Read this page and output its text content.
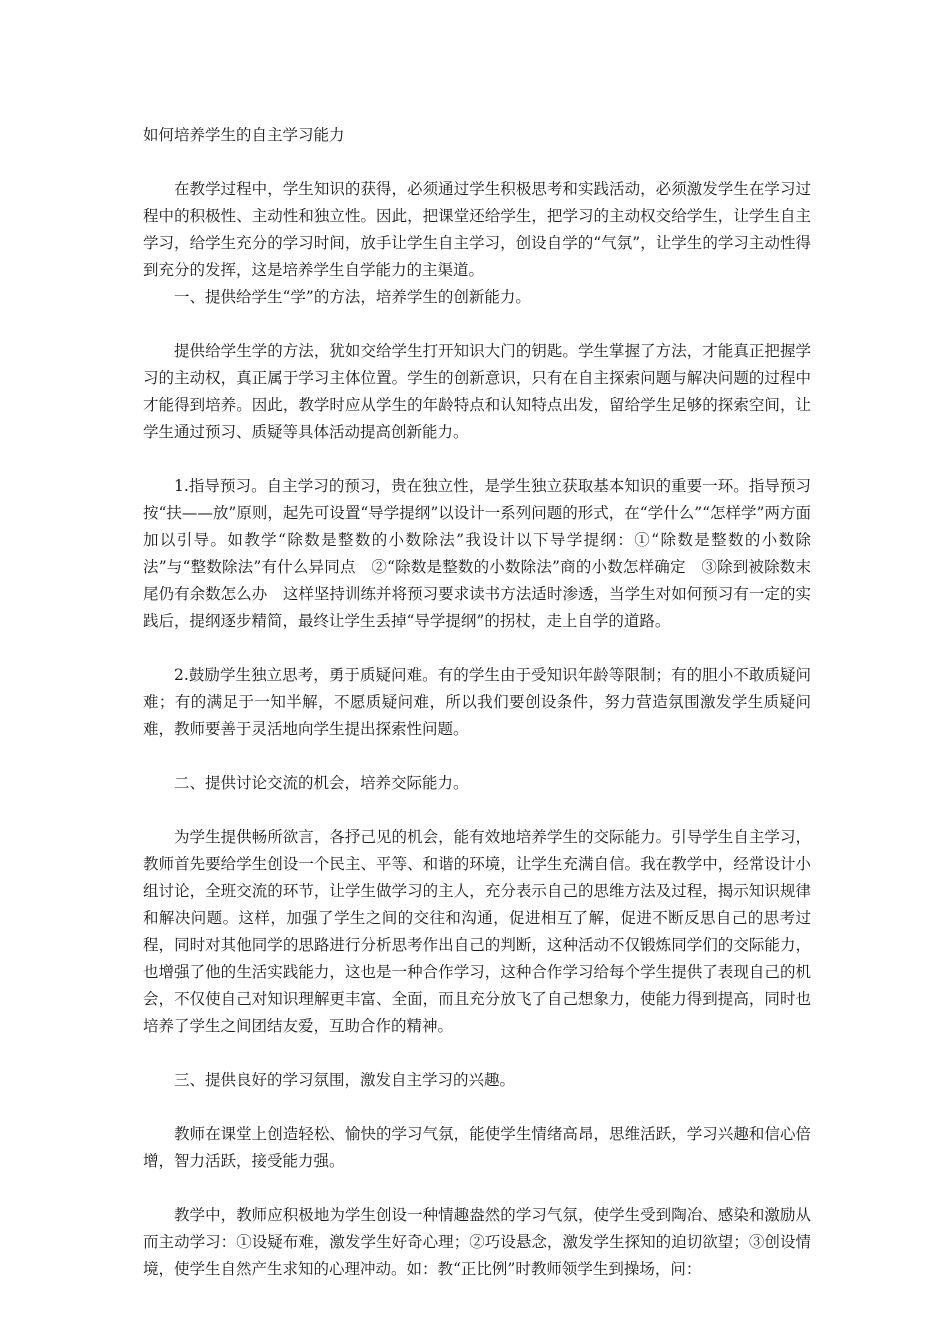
如何培养学生的自主学习能力

在教学过程中，学生知识的获得，必须通过学生积极思考和实践活动，必须激发学生在学习过程中的积极性、主动性和独立性。因此，把课堂还给学生，把学习的主动权交给学生，让学生自主学习，给学生充分的学习时间，放手让学生自主学习，创设自学的“气氛”，让学生的学习主动性得到充分的发挥，这是培养学生自学能力的主渠道。

一、提供给学生“学”的方法，培养学生的创新能力。

提供给学生学的方法，犹如交给学生打开知识大门的钥匙。学生掌握了方法，才能真正把握学习的主动权，真正属于学习主体位置。学生的创新意识，只有在自主探索问题与解决问题的过程中才能得到培养。因此，教学时应从学生的年龄特点和认知特点出发，留给学生足够的探索空间，让学生通过预习、质疑等具体活动提高创新能力。

1.指导预习。自主学习的预习，贵在独立性，是学生独立获取基本知识的重要一环。指导预习按“扶——放”原则，起先可设置“导学提纲”以设计一系列问题的形式，在“学什么”“怎样学”两方面加以引导。如教学“除数是整数的小数除法”我设计以下导学提纲：①“除数是整数的小数除法”与“整数除法”有什么异同点　②“除数是整数的小数除法”商的小数怎样确定　③除到被除数末尾仍有余数怎么办　这样坚持训练并将预习要求读书方法适时渗透，当学生对如何预习有一定的实践后，提纲逐步精简，最终让学生丢掉“导学提纲”的拐杖，走上自学的道路。

2.鼓励学生独立思考，勇于质疑问难。有的学生由于受知识年龄等限制；有的胆小不敢质疑问难；有的满足于一知半解，不愿质疑问难，所以我们要创设条件，努力营造氛围激发学生质疑问难，教师要善于灵活地向学生提出探索性问题。

二、提供讨论交流的机会，培养交际能力。

为学生提供畅所欲言，各抒己见的机会，能有效地培养学生的交际能力。引导学生自主学习，教师首先要给学生创设一个民主、平等、和谐的环境，让学生充满自信。我在教学中，经常设计小组讨论，全班交流的环节，让学生做学习的主人，充分表示自己的思维方法及过程，揭示知识规律和解决问题。这样，加强了学生之间的交往和沟通，促进相互了解，促进不断反思自己的思考过程，同时对其他同学的思路进行分析思考作出自己的判断，这种活动不仅锻炼同学们的交际能力，也增强了他的生活实践能力，这也是一种合作学习，这种合作学习给每个学生提供了表现自己的机会，不仅使自己对知识理解更丰富、全面，而且充分放飞了自己想象力，使能力得到提高，同时也培养了学生之间团结友爱，互助合作的精神。

三、提供良好的学习氛围，激发自主学习的兴趣。

教师在课堂上创造轻松、愉快的学习气氛，能使学生情绪高昂，思维活跃，学习兴趣和信心倍增，智力活跃，接受能力强。

教学中，教师应积极地为学生创设一种情趣盎然的学习气氛，使学生受到陶冶、感染和激励从而主动学习：①设疑布难，激发学生好奇心理；②巧设悬念，激发学生探知的迫切欲望；③创设情境，使学生自然产生求知的心理冲动。如：教“正比例”时教师领学生到操场，问：
